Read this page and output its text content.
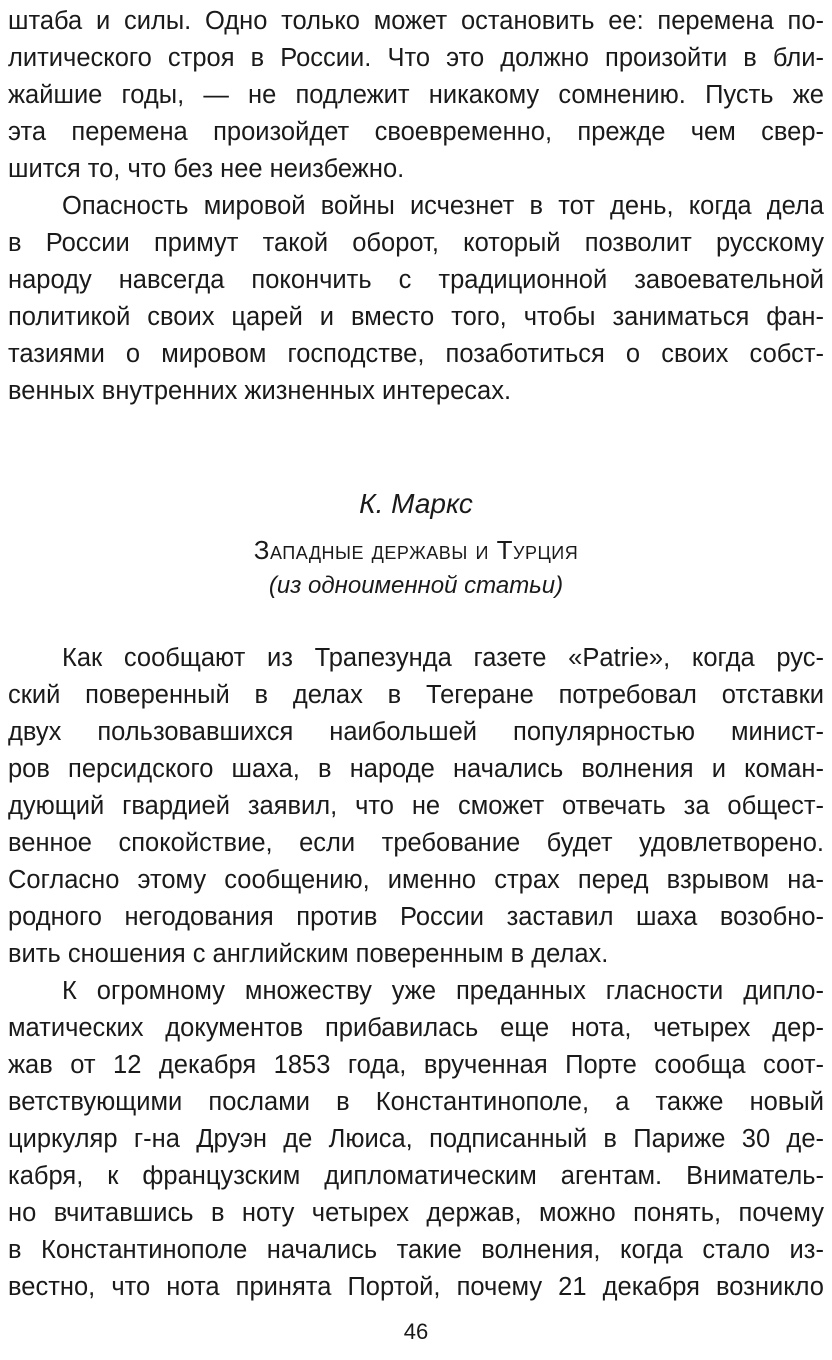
штаба и силы. Одно только может остановить ее: перемена по-
литического строя в России. Что это должно произойти в бли-
жайшие годы, — не подлежит никакому сомнению. Пусть же
эта перемена произойдет своевременно, прежде чем свер-
шится то, что без нее неизбежно.
Опасность мировой войны исчезнет в тот день, когда дела
в России примут такой оборот, который позволит русскому
народу навсегда покончить с традиционной завоевательной
политикой своих царей и вместо того, чтобы заниматься фан-
тазиями о мировом господстве, позаботиться о своих собст-
венных внутренних жизненных интересах.
К. Маркс
Западные державы и Турция
(из одноименной статьи)
Как сообщают из Трапезунда газете «Patrie», когда рус-
ский поверенный в делах в Тегеране потребовал отставки
двух пользовавшихся наибольшей популярностью минист-
ров персидского шаха, в народе начались волнения и коман-
дующий гвардией заявил, что не сможет отвечать за общест-
венное спокойствие, если требование будет удовлетворено.
Согласно этому сообщению, именно страх перед взрывом на-
родного негодования против России заставил шаха возобно-
вить сношения с английским поверенным в делах.
К огромному множеству уже преданных гласности дипло-
матических документов прибавилась еще нота, четырех дер-
жав от 12 декабря 1853 года, врученная Порте сообща соот-
ветствующими послами в Константинополе, а также новый
циркуляр г-на Друэн де Люиса, подписанный в Париже 30 де-
кабря, к французским дипломатическим агентам. Вниматель-
но вчитавшись в ноту четырех держав, можно понять, почему
в Константинополе начались такие волнения, когда стало из-
вестно, что нота принята Портой, почему 21 декабря возникло
46
